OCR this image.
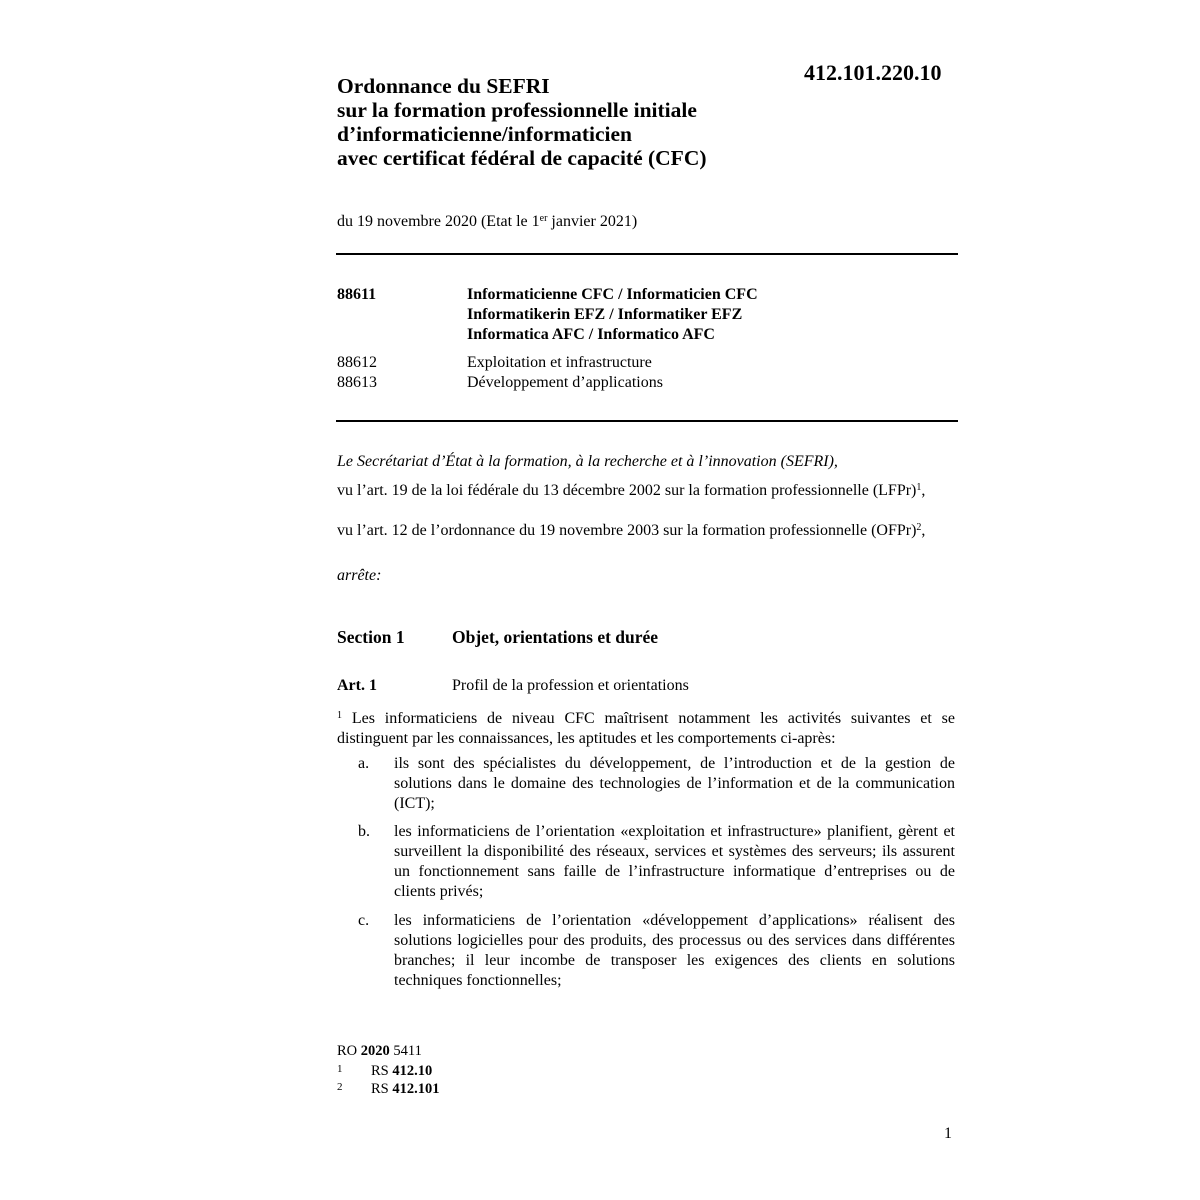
412.101.220.10
Ordonnance du SEFRI
sur la formation professionnelle initiale
d’informaticienne/informaticien
avec certificat fédéral de capacité (CFC)
du 19 novembre 2020 (Etat le 1er janvier 2021)
88611	Informaticienne CFC / Informaticien CFC
Informatikerin EFZ / Informatiker EFZ
Informatica AFC / Informatico AFC
88612	Exploitation et infrastructure
88613	Développement d’applications
Le Secrétariat d’État à la formation, à la recherche et à l’innovation (SEFRI),
vu l’art. 19 de la loi fédérale du 13 décembre 2002 sur la formation professionnelle (LFPr)$^1$,
vu l’art. 12 de l’ordonnance du 19 novembre 2003 sur la formation professionnelle (OFPr)$^2$,
arrête:
Section 1	Objet, orientations et durée
Art. 1	Profil de la profession et orientations
$^1$ Les informaticiens de niveau CFC maîtrisent notamment les activités suivantes et se distinguent par les connaissances, les aptitudes et les comportements ci-après:
a. ils sont des spécialistes du développement, de l’introduction et de la gestion de solutions dans le domaine des technologies de l’information et de la communication (ICT);
b. les informaticiens de l’orientation «exploitation et infrastructure» planifient, gèrent et surveillent la disponibilité des réseaux, services et systèmes des serveurs; ils assurent un fonctionnement sans faille de l’infrastructure informatique d’entreprises ou de clients privés;
c. les informaticiens de l’orientation «développement d’applications» réalisent des solutions logicielles pour des produits, des processus ou des services dans différentes branches; il leur incombe de transposer les exigences des clients en solutions techniques fonctionnelles;
RO 2020 5411
1 RS 412.10
2 RS 412.101
1
